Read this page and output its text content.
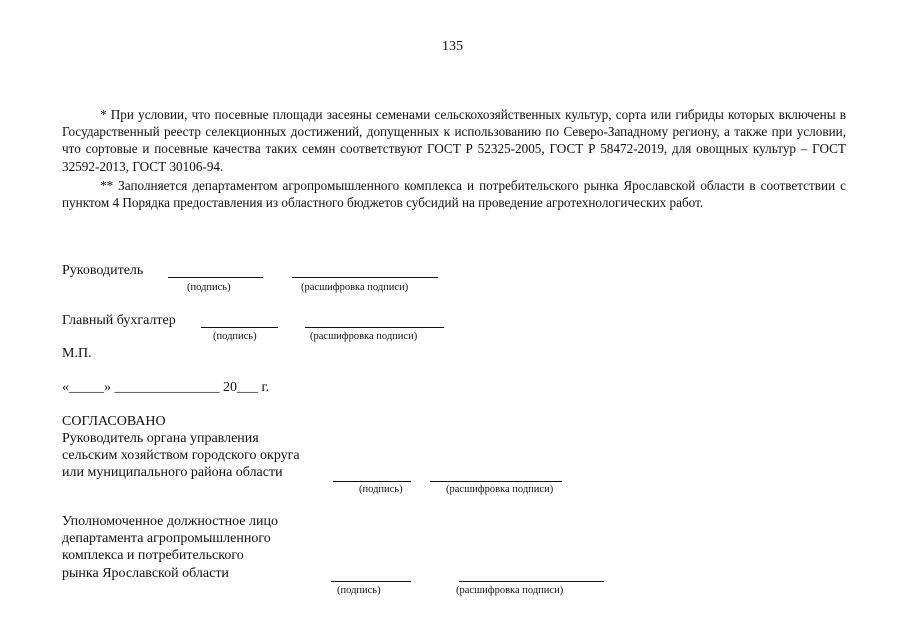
135
* При условии, что посевные площади засеяны семенами сельскохозяйственных культур, сорта или гибриды которых включены в Государственный реестр селекционных достижений, допущенных к использованию по Северо-Западному региону, а также при условии, что сортовые и посевные качества таких семян соответствуют ГОСТ Р 52325-2005, ГОСТ Р 58472-2019, для овощных культур – ГОСТ 32592-2013, ГОСТ 30106-94.
** Заполняется департаментом агропромышленного комплекса и потребительского рынка Ярославской области в соответствии с пунктом 4 Порядка предоставления из областного бюджетов субсидий на проведение агротехнологических работ.
Руководитель
(подпись)	(расшифровка подписи)
Главный бухгалтер
(подпись)	(расшифровка подписи)
М.П.
«_____» _______________ 20___ г.
СОГЛАСОВАНО
Руководитель органа управления
сельским хозяйством городского округа
или муниципального района области
(подпись)	(расшифровка подписи)
Уполномоченное должностное лицо
департамента агропромышленного
комплекса и потребительского
рынка Ярославской области
(подпись)	(расшифровка подписи)
